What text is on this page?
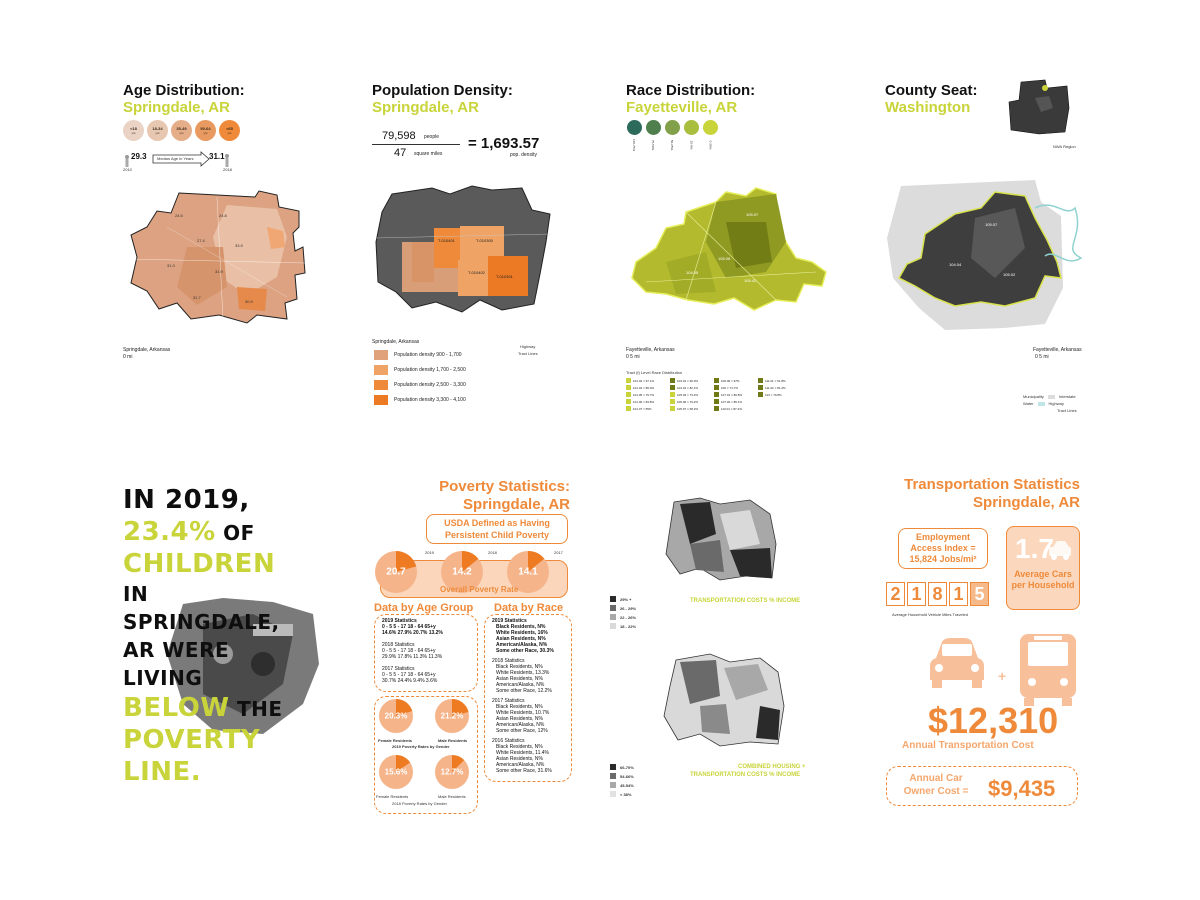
Age Distribution:
Springdale, AR
<18
yrs
18-34
yrs
35-49
yrs
50-64
yrs
<65
yrs
29.3
2010
Median Age in Years 31.1
2018
24.5	24.8
27.4
33.9
31.3
31.9
30.9
31.7
Springdale, Arkansas
0 mi
Population Density:
Springdale, AR
79,598 people
47 square miles
= 1,693.57
pop. density
T-010401	T-010300
T-010402
T-010301
Springdale, Arkansas
Highway
Tract Lines
Population density 900 - 1,700
Population density 1,700 - 2,500
Population density 2,500 - 3,300
Population density 3,300 - 4,100
Race Distribution:
Fayetteville, AR
100-75%	75-50%	50-25%	25-0%	0-25%
105.07
105.06
104.05
105.42
Fayetteville, Arkansas
0 5 mi
Tract (f) Level Race Distribution
101.02 = 97.1%	103.01 = 90.0%	106.06 = 97%	111.01 = 91.8%
101.04 = 86.0%	104.01 = 82.1%	106 = 74.7%	111.02 = 81.2%
101.05 = 79.7%	105.03 = 73.4%	107.01 = 80.8%	113 = 79.8%
101.06 = 83.8%	105.06 = 79.2%	107.02 = 85.1%
101.07 = 55%	105.07 = 68.2%	110.01 = 87.4%
County Seat:
Washington
NWA Region
104.04
105.02
105.07
Fayetteville, Arkansas
0 5 mi
Municipality	Interstate
Water	Highway
Tract Lines
IN 2019,
23.4% OF
CHILDREN
IN
SPRINGDALE,
AR WERE
LIVING
BELOW THE
POVERTY
LINE.
Poverty Statistics:
Springdale, AR
USDA Defined as Having Persistent Child Poverty
20.7	14.2	14.1
2019	2018	2017
Overall Poverty Rate
Data by Age Group Data by Race
2019 Statistics
0 - 5 5 - 17 18 - 64 65+y
14.6% 27.9% 20.7% 13.2%
2018 Statistics
0 - 5 5 - 17 18 - 64 65+y
29.9% 17.8% 11.3% 11.3%
2017 Statistics
0 - 5 5 - 17 18 - 64 65+y
30.7% 24.4% 9.4% 3.6%
2019 Statistics
Black Residents, N%
White Residents, 16%
Asian Residents, N%
American/Alaska, N%
Some other Race, 30.3%
2018 Statistics
Black Residents, N%
White Residents, 13.3%
Asian Residents, N%
American/Alaska, N%
Some other Race, 12.2%
2017 Statistics
Black Residents, N%
White Residents, 10.7%
Asian Residents, N%
American/Alaska, N%
Some other Race, 12%
2016 Statistics
Black Residents, N%
White Residents, 11.4%
Asian Residents, N%
American/Alaska, N%
Some other Race, 31.6%
20.3%	21.2%
Female Residents	Male Residents
2019 Poverty Rates by Gender
15.6%	12.7%
Female Residents	Male Residents
2018 Poverty Rates by Gender
29% +
26 - 29%
22 - 26%
18 - 22%
TRANSPORTATION COSTS % INCOME
66-70%
54-66%
45-54%
< 38%
COMBINED HOUSING +
TRANSPORTATION COSTS % INCOME
Transportation Statistics
Springdale, AR
Employment Access Index = 15,824 Jobs/mi²	1.7
Average Cars per Household
2 1 8 1 5
Average Household Vehicle Miles Traveled
+
$12,310
Annual Transportation Cost
Annual Car Owner Cost = $9,435
